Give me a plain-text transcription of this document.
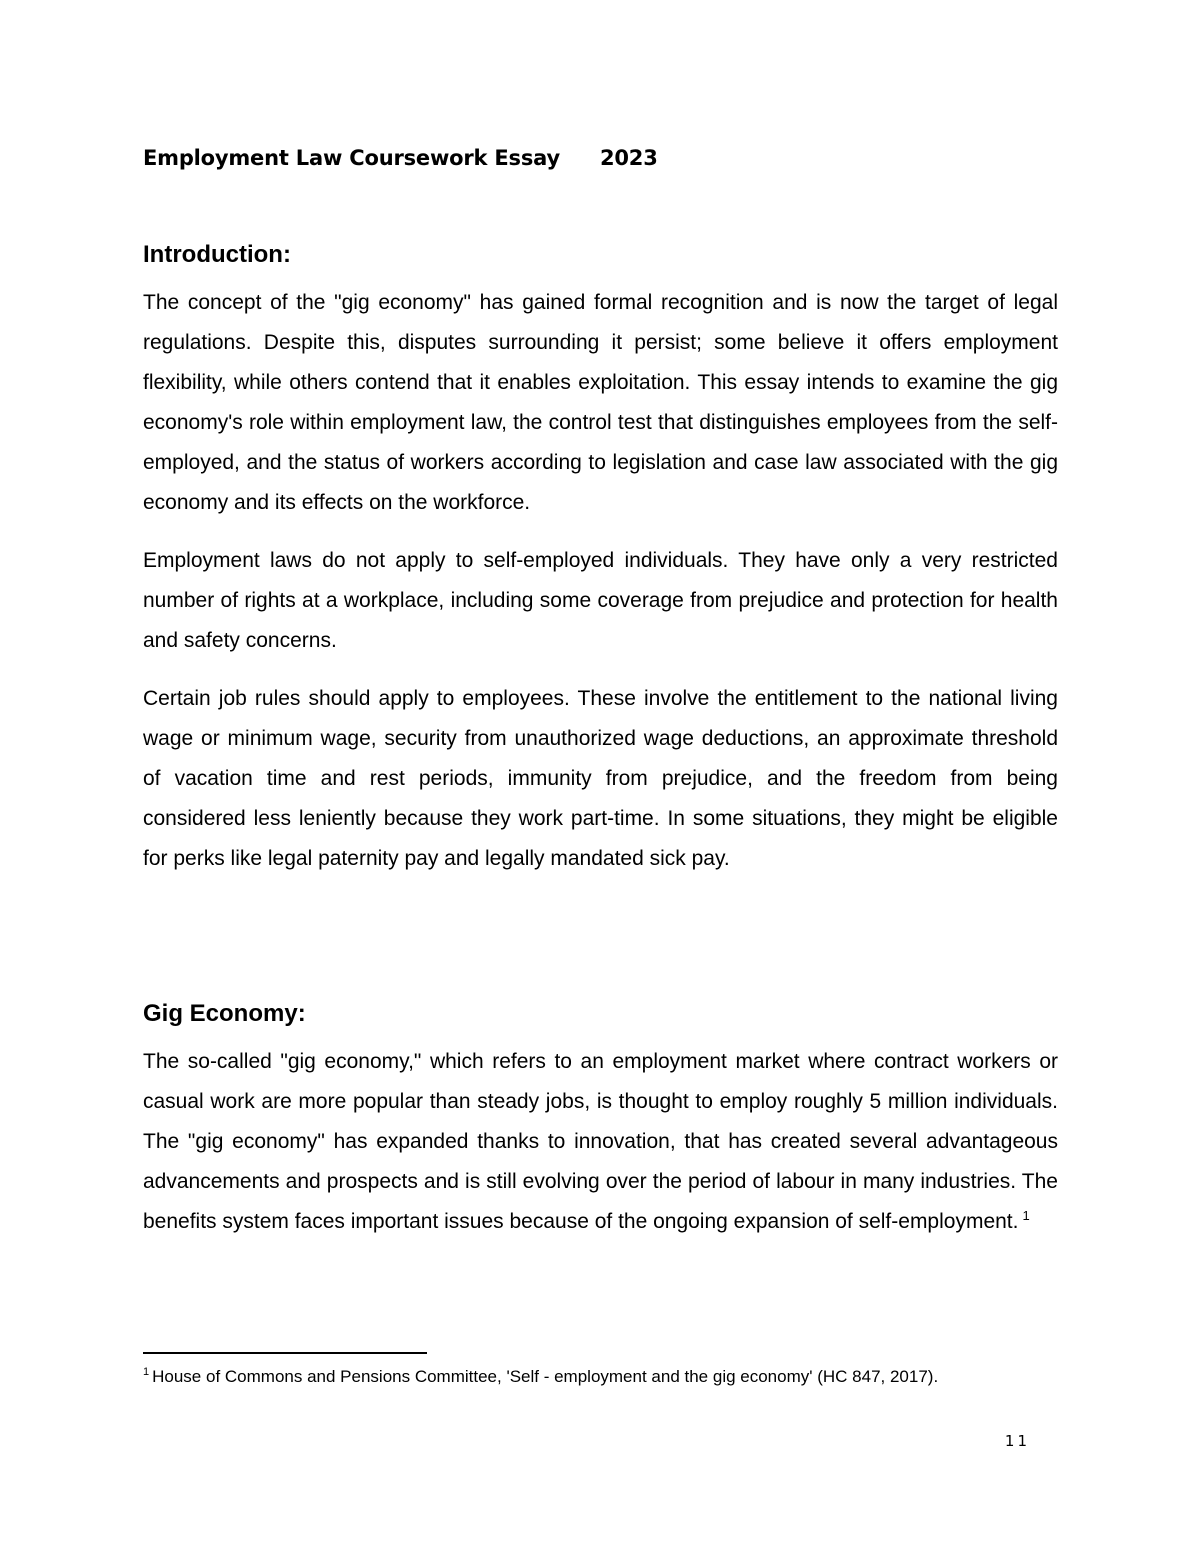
Employment Law Coursework Essay 2023
Introduction:

The concept of the "gig economy" has gained formal recognition and is now the target of legal regulations. Despite this, disputes surrounding it persist; some believe it offers employment flexibility, while others contend that it enables exploitation. This essay intends to examine the gig economy's role within employment law, the control test that distinguishes employees from the self-employed, and the status of workers according to legislation and case law associated with the gig economy and its effects on the workforce.

Employment laws do not apply to self-employed individuals. They have only a very restricted number of rights at a workplace, including some coverage from prejudice and protection for health and safety concerns.

Certain job rules should apply to employees. These involve the entitlement to the national living wage or minimum wage, security from unauthorized wage deductions, an approximate threshold of vacation time and rest periods, immunity from prejudice, and the freedom from being considered less leniently because they work part-time. In some situations, they might be eligible for perks like legal paternity pay and legally mandated sick pay.

Gig Economy:

The so-called "gig economy," which refers to an employment market where contract workers or casual work are more popular than steady jobs, is thought to employ roughly 5 million individuals. The "gig economy" has expanded thanks to innovation, that has created several advantageous advancements and prospects and is still evolving over the period of labour in many industries. The benefits system faces important issues because of the ongoing expansion of self-employment. $^1$

$^1$ House of Commons and Pensions Committee, 'Self - employment and the gig economy' (HC 847, 2017).
11
